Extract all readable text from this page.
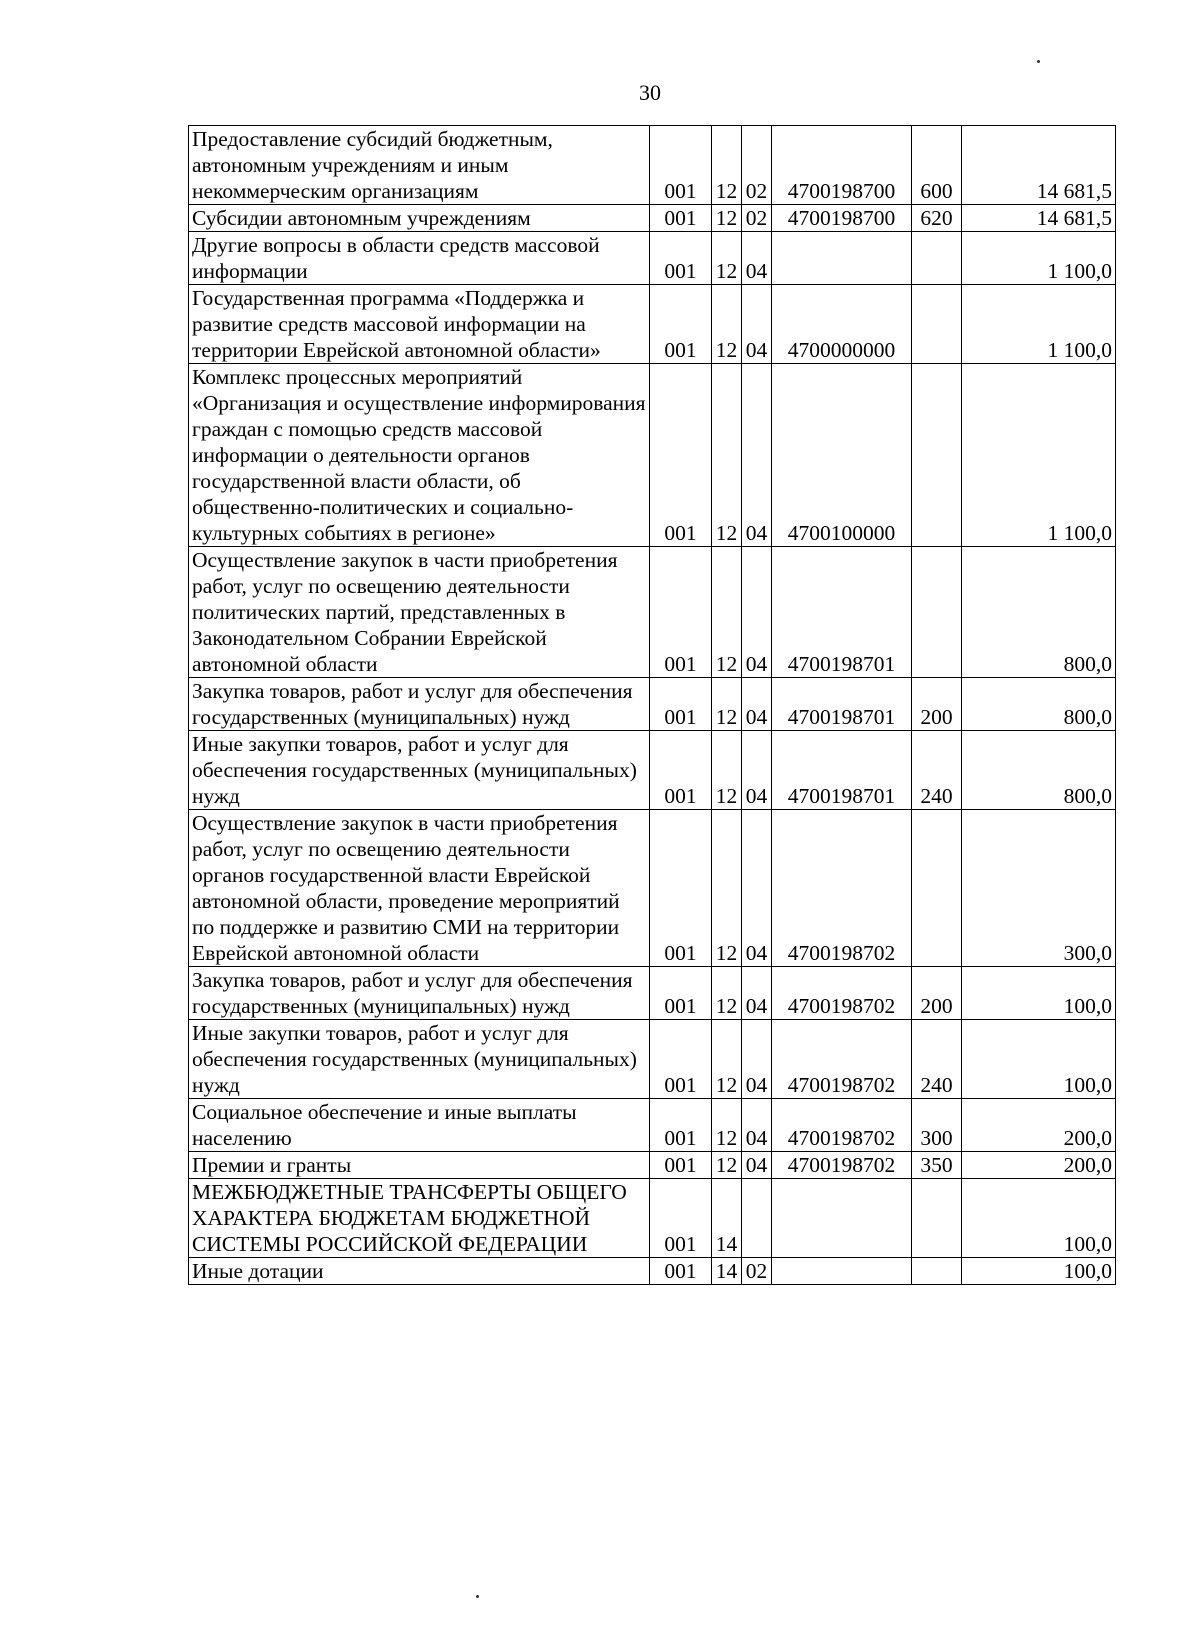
30
Предоставление субсидий бюджетным, автономным учреждениям и иным некоммерческим организациям	001	12	02	4700198700	600	14 681,5
Субсидии автономным учреждениям	001	12	02	4700198700	620	14 681,5
Другие вопросы в области средств массовой информации	001	12	04			1 100,0
Государственная программа «Поддержка и развитие средств массовой информации на территории Еврейской автономной области»	001	12	04	4700000000		1 100,0
Комплекс процессных мероприятий «Организация и осуществление информирования граждан с помощью средств массовой информации о деятельности органов государственной власти области, об общественно-политических и социально-культурных событиях в регионе»	001	12	04	4700100000		1 100,0
Осуществление закупок в части приобретения работ, услуг по освещению деятельности политических партий, представленных в Законодательном Собрании Еврейской автономной области	001	12	04	4700198701		800,0
Закупка товаров, работ и услуг для обеспечения государственных (муниципальных) нужд	001	12	04	4700198701	200	800,0
Иные закупки товаров, работ и услуг для обеспечения государственных (муниципальных) нужд	001	12	04	4700198701	240	800,0
Осуществление закупок в части приобретения работ, услуг по освещению деятельности органов государственной власти Еврейской автономной области, проведение мероприятий по поддержке и развитию СМИ на территории Еврейской автономной области	001	12	04	4700198702		300,0
Закупка товаров, работ и услуг для обеспечения государственных (муниципальных) нужд	001	12	04	4700198702	200	100,0
Иные закупки товаров, работ и услуг для обеспечения государственных (муниципальных) нужд	001	12	04	4700198702	240	100,0
Социальное обеспечение и иные выплаты населению	001	12	04	4700198702	300	200,0
Премии и гранты	001	12	04	4700198702	350	200,0
МЕЖБЮДЖЕТНЫЕ ТРАНСФЕРТЫ ОБЩЕГО ХАРАКТЕРА БЮДЖЕТАМ БЮДЖЕТНОЙ СИСТЕМЫ РОССИЙСКОЙ ФЕДЕРАЦИИ	001	14				100,0
Иные дотации	001	14	02			100,0
